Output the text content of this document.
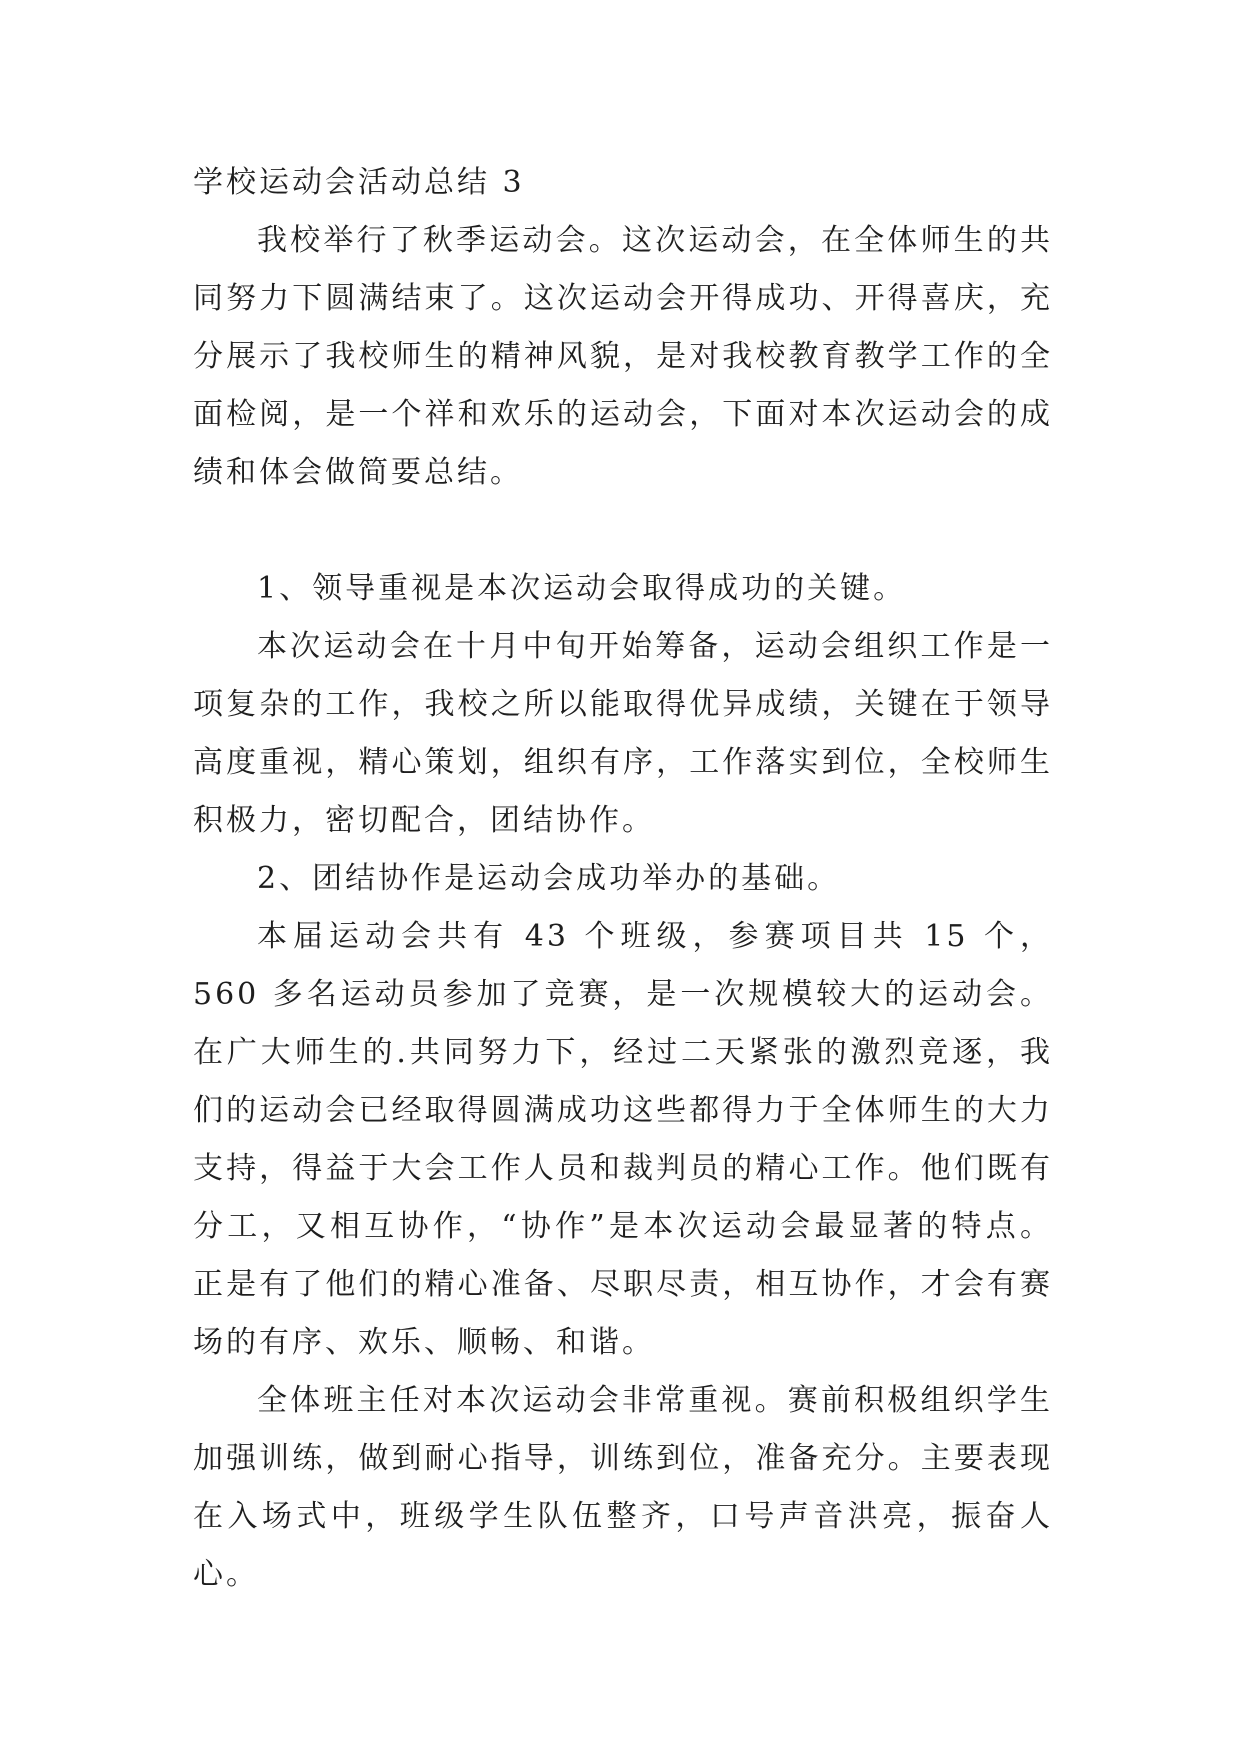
学校运动会活动总结 3

我校举行了秋季运动会。这次运动会，在全体师生的共同努力下圆满结束了。这次运动会开得成功、开得喜庆，充分展示了我校师生的精神风貌，是对我校教育教学工作的全面检阅，是一个祥和欢乐的运动会，下面对本次运动会的成绩和体会做简要总结。

1、领导重视是本次运动会取得成功的关键。

本次运动会在十月中旬开始筹备，运动会组织工作是一项复杂的工作，我校之所以能取得优异成绩，关键在于领导高度重视，精心策划，组织有序，工作落实到位，全校师生积极力，密切配合，团结协作。

2、团结协作是运动会成功举办的基础。

本届运动会共有 43 个班级，参赛项目共 15 个，560 多名运动员参加了竞赛，是一次规模较大的运动会。在广大师生的.共同努力下，经过二天紧张的激烈竞逐，我们的运动会已经取得圆满成功这些都得力于全体师生的大力支持，得益于大会工作人员和裁判员的精心工作。他们既有分工，又相互协作，“协作”是本次运动会最显著的特点。正是有了他们的精心准备、尽职尽责，相互协作，才会有赛场的有序、欢乐、顺畅、和谐。

全体班主任对本次运动会非常重视。赛前积极组织学生加强训练，做到耐心指导，训练到位，准备充分。主要表现在入场式中，班级学生队伍整齐，口号声音洪亮，振奋人心。
